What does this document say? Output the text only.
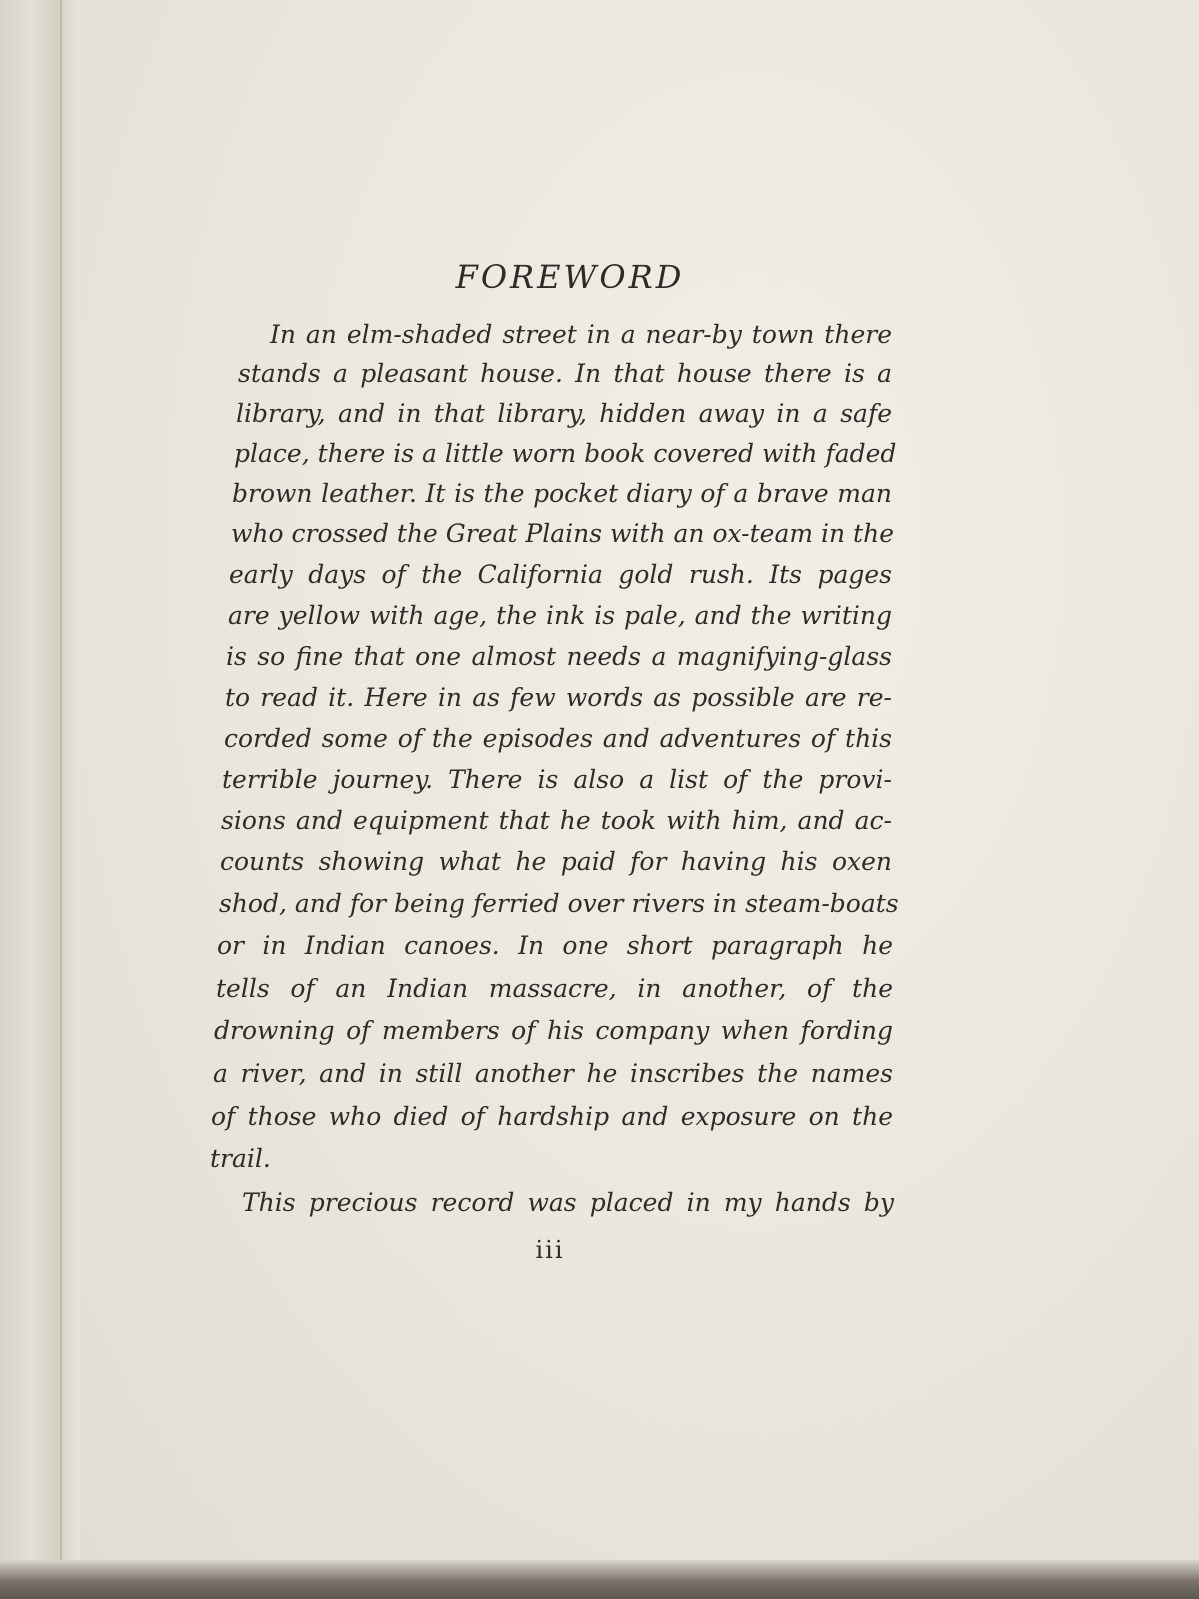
FOREWORD
In an elm-shaded street in a near-by town there
stands a pleasant house. In that house there is a
library, and in that library, hidden away in a safe
place, there is a little worn book covered with faded
brown leather. It is the pocket diary of a brave man
who crossed the Great Plains with an ox-team in the
early days of the California gold rush. Its pages
are yellow with age, the ink is pale, and the writing
is so fine that one almost needs a magnifying-glass
to read it. Here in as few words as possible are re-
corded some of the episodes and adventures of this
terrible journey. There is also a list of the provi-
sions and equipment that he took with him, and ac-
counts showing what he paid for having his oxen
shod, and for being ferried over rivers in steam-boats
or in Indian canoes. In one short paragraph he
tells of an Indian massacre, in another, of the
drowning of members of his company when fording
a river, and in still another he inscribes the names
of those who died of hardship and exposure on the
trail.
This precious record was placed in my hands by
iii
